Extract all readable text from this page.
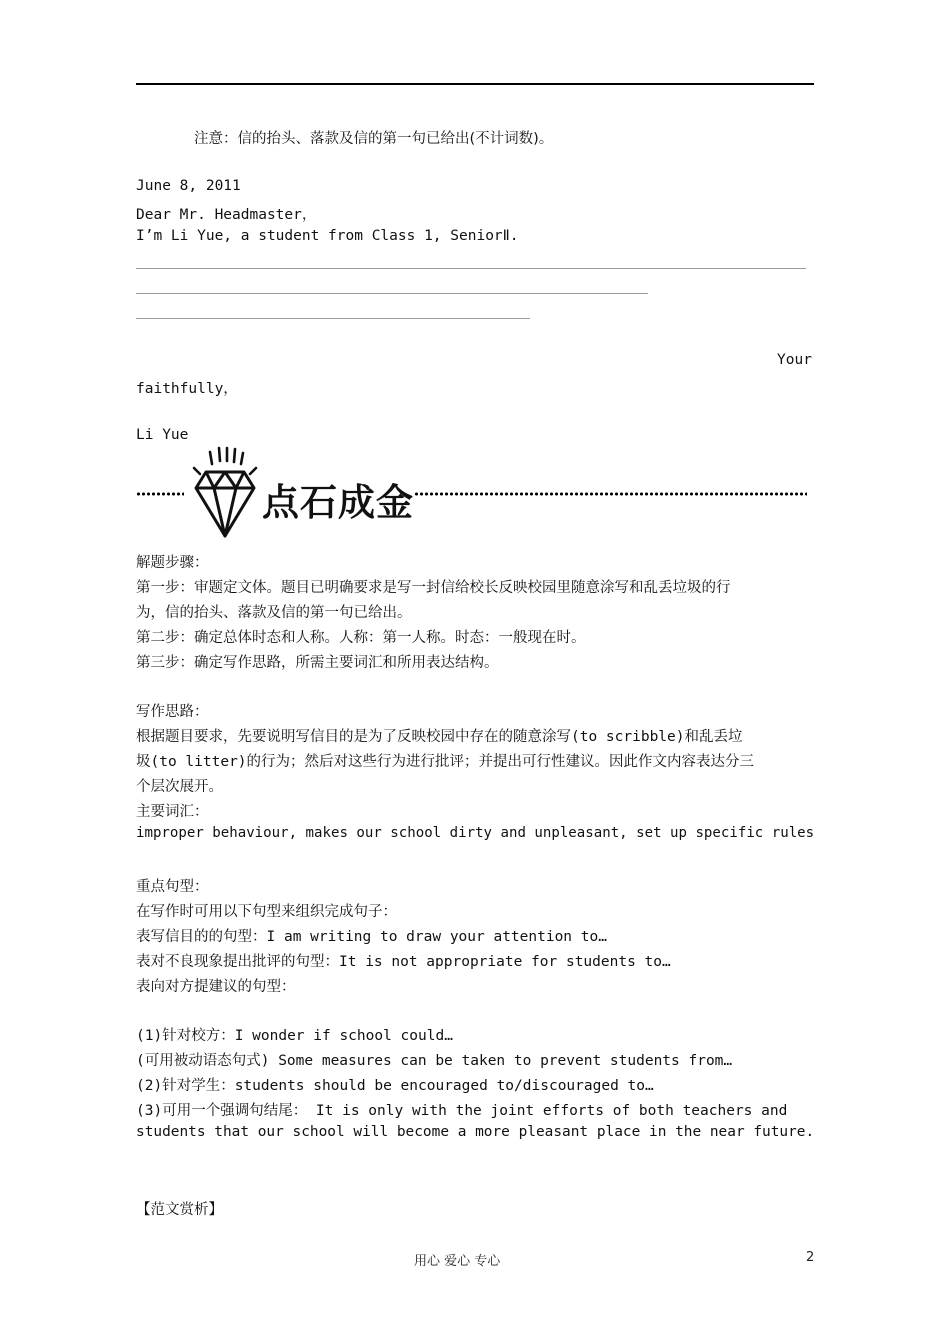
注意：信的抬头、落款及信的第一句已给出(不计词数)。
June 8, 2011
Dear Mr. Headmaster，
I’m Li Yue, a student from Class 1, SeniorⅡ.
Your
faithfully，
Li Yue
点石成金
解题步骤：
第一步：审题定文体。题目已明确要求是写一封信给校长反映校园里随意涂写和乱丢垃圾的行
为，信的抬头、落款及信的第一句已给出。
第二步：确定总体时态和人称。人称：第一人称。时态：一般现在时。
第三步：确定写作思路，所需主要词汇和所用表达结构。
写作思路：
根据题目要求，先要说明写信目的是为了反映校园中存在的随意涂写(to scribble)和乱丢垃
圾(to litter)的行为；然后对这些行为进行批评；并提出可行性建议。因此作文内容表达分三
个层次展开。
主要词汇：
improper behaviour, makes our school dirty and unpleasant, set up specific rules
重点句型：
在写作时可用以下句型来组织完成句子：
表写信目的的句型：I am writing to draw your attention to…
表对不良现象提出批评的句型：It is not appropriate for students to…
表向对方提建议的句型：
(1)针对校方：I wonder if school could…
(可用被动语态句式) Some measures can be taken to prevent students from…
(2)针对学生：students should be encouraged to/discouraged to…
(3)可用一个强调句结尾： It is only with the joint efforts of both teachers and
students that our school will become a more pleasant place in the near future.
【范文赏析】
用心 爱心 专心	2
